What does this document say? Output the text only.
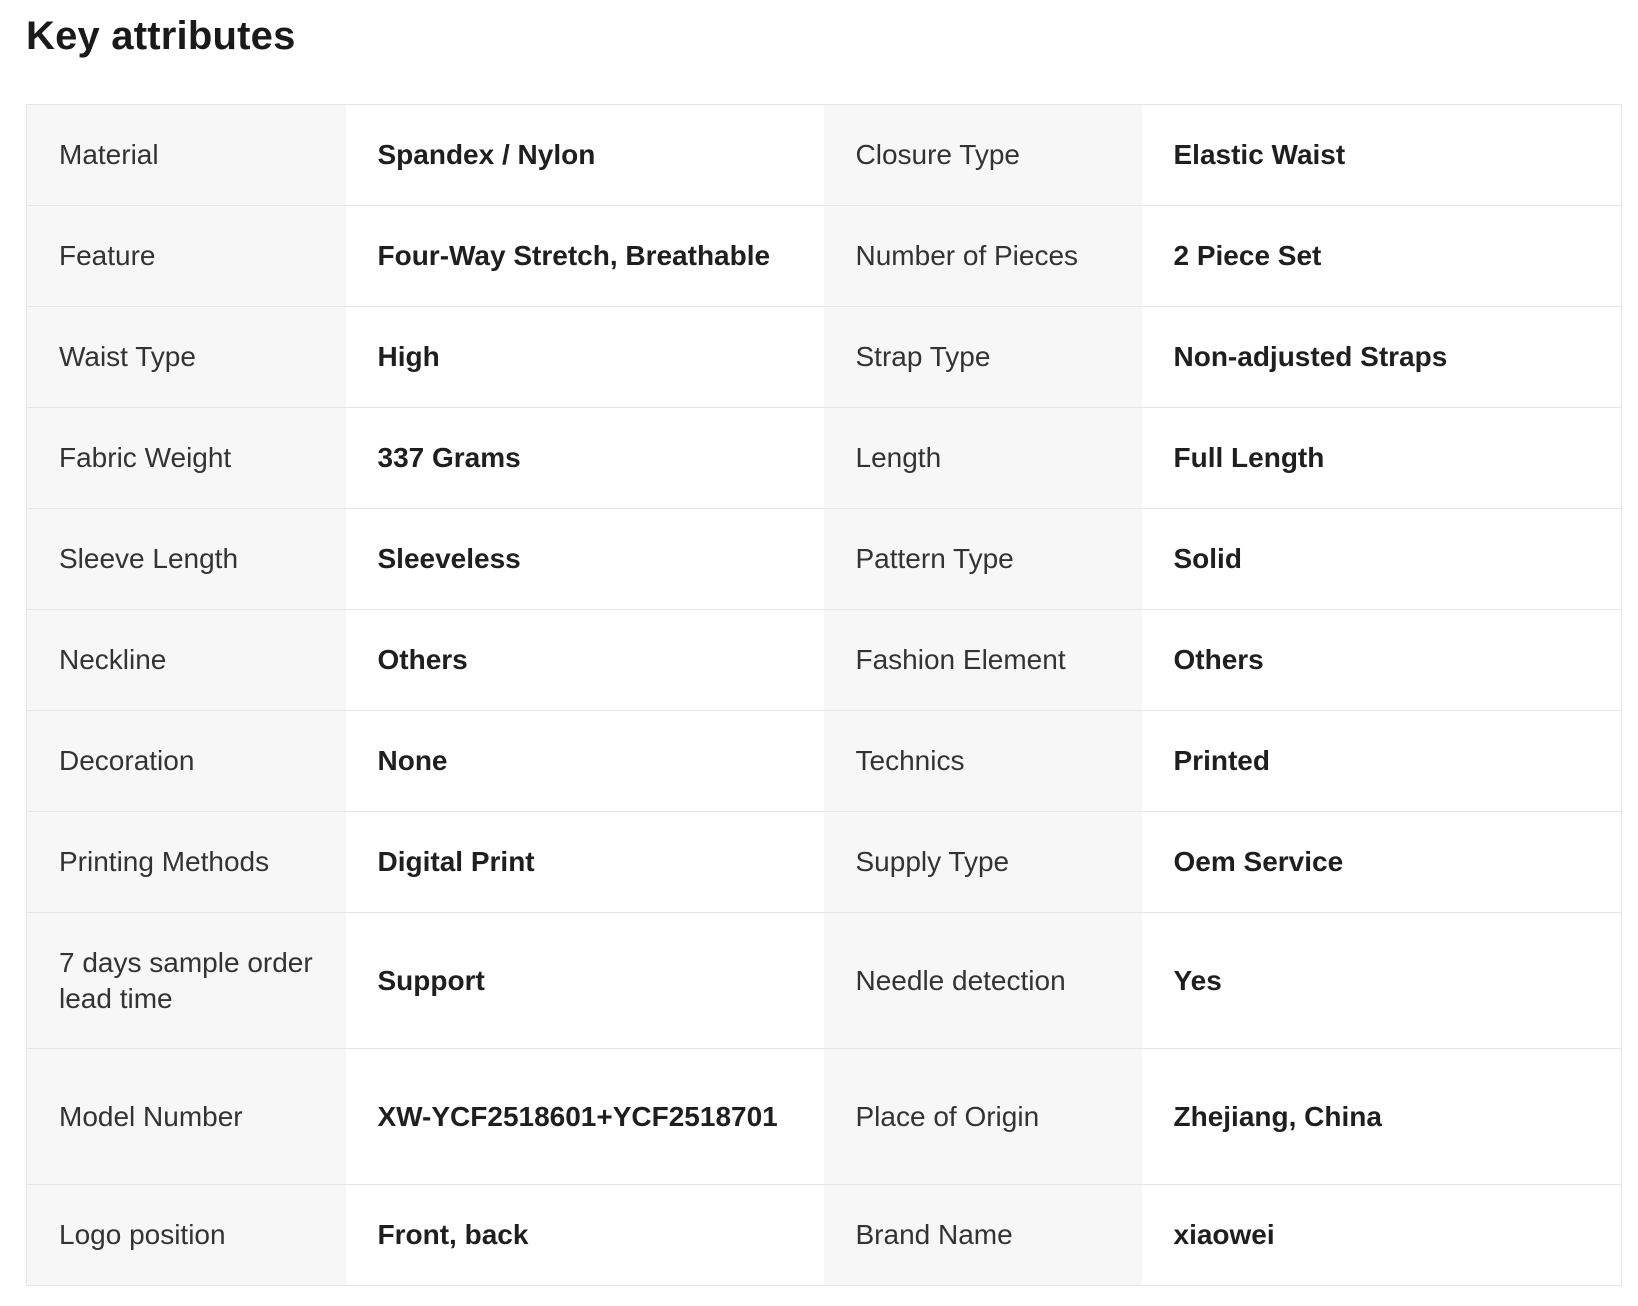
Key attributes
Material	Spandex / Nylon	Closure Type	Elastic Waist
Feature	Four-Way Stretch, Breathable	Number of Pieces	2 Piece Set
Waist Type	High	Strap Type	Non-adjusted Straps
Fabric Weight	337 Grams	Length	Full Length
Sleeve Length	Sleeveless	Pattern Type	Solid
Neckline	Others	Fashion Element	Others
Decoration	None	Technics	Printed
Printing Methods	Digital Print	Supply Type	Oem Service
7 days sample order lead time	Support	Needle detection	Yes
Model Number	XW-YCF2518601+YCF2518701	Place of Origin	Zhejiang, China
Logo position	Front, back	Brand Name	xiaowei
